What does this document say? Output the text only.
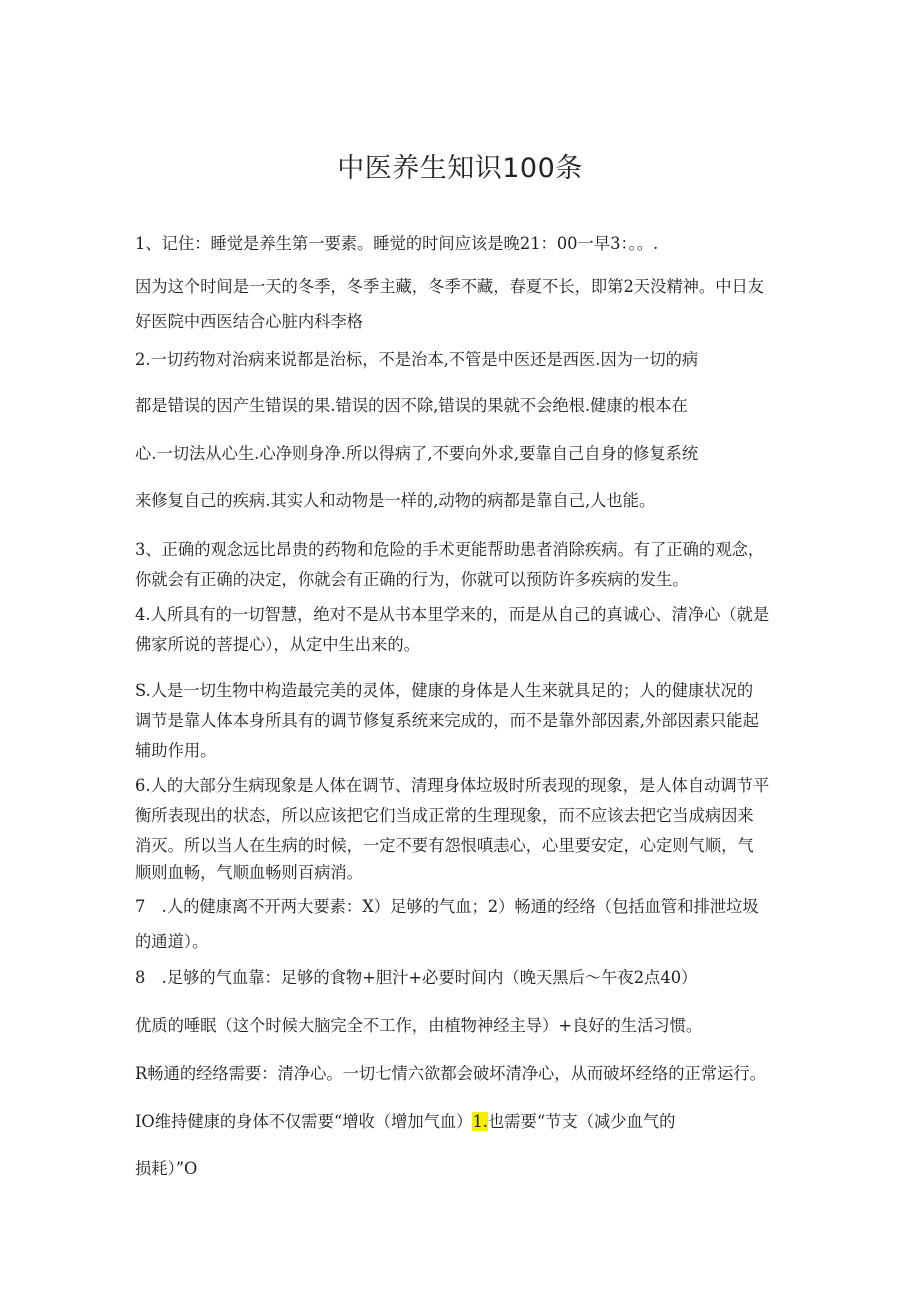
中医养生知识100条
1、记住：睡觉是养生第一要素。睡觉的时间应该是晚21：00一早3：。。.
因为这个时间是一天的冬季，冬季主藏，冬季不藏，春夏不长，即第2天没精神。中日友
好医院中西医结合心脏内科李格
2.一切药物对治病来说都是治标，不是治本,不管是中医还是西医.因为一切的病
都是错误的因产生错误的果.错误的因不除,错误的果就不会绝根.健康的根本在
心.一切法从心生.心净则身净.所以得病了,不要向外求,要靠自己自身的修复系统
来修复自己的疾病.其实人和动物是一样的,动物的病都是靠自己,人也能。
3、正确的观念远比昂贵的药物和危险的手术更能帮助患者消除疾病。有了正确的观念，
你就会有正确的决定，你就会有正确的行为，你就可以预防许多疾病的发生。
4.人所具有的一切智慧，绝对不是从书本里学来的，而是从自己的真诚心、清净心（就是
佛家所说的菩提心），从定中生出来的。
S.人是一切生物中构造最完美的灵体，健康的身体是人生来就具足的；人的健康状况的
调节是靠人体本身所具有的调节修复系统来完成的，而不是靠外部因素,外部因素只能起
辅助作用。
6.人的大部分生病现象是人体在调节、清理身体垃圾时所表现的现象，是人体自动调节平
衡所表现出的状态，所以应该把它们当成正常的生理现象，而不应该去把它当成病因来
消灭。所以当人在生病的时候，一定不要有怨恨嗔恚心，心里要安定，心定则气顺，气
顺则血畅，气顺血畅则百病消。
7　.人的健康离不开两大要素：X）足够的气血；2）畅通的经络（包括血管和排泄垃圾
的通道）。
8　.足够的气血靠：足够的食物+胆汁+必要时间内（晚天黑后～午夜2点40）
优质的唾眠（这个时候大脑完全不工作，由植物神经主导）+良好的生活习惯。
R畅通的经络需要：清净心。一切七情六欲都会破坏清净心，从而破坏经络的正常运行。
IO维持健康的身体不仅需要“增收（增加气血）1.也需要“节支（减少血气的
损耗）”O
